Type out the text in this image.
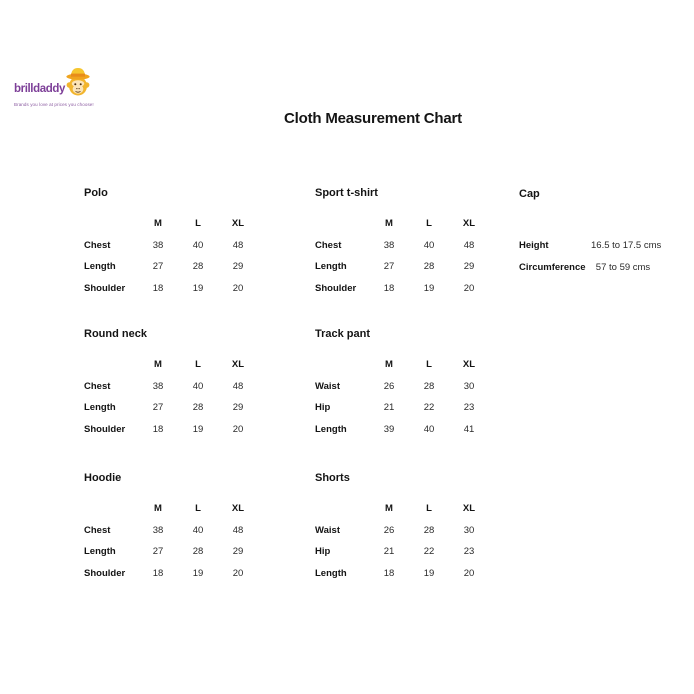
brilldaddy
Brands you love at prices you choose!
Cloth Measurement Chart
Polo
M	L	XL
Chest	38	40	48
Length	27	28	29
Shoulder	18	19	20
Sport t-shirt
M	L	XL
Chest	38	40	48
Length	27	28	29
Shoulder	18	19	20
Cap
Height	16.5 to 17.5 cms
Circumference	57 to 59 cms
Round neck
M	L	XL
Chest	38	40	48
Length	27	28	29
Shoulder	18	19	20
Track pant
M	L	XL
Waist	26	28	30
Hip	21	22	23
Length	39	40	41
Hoodie
M	L	XL
Chest	38	40	48
Length	27	28	29
Shoulder	18	19	20
Shorts
M	L	XL
Waist	26	28	30
Hip	21	22	23
Length	18	19	20
